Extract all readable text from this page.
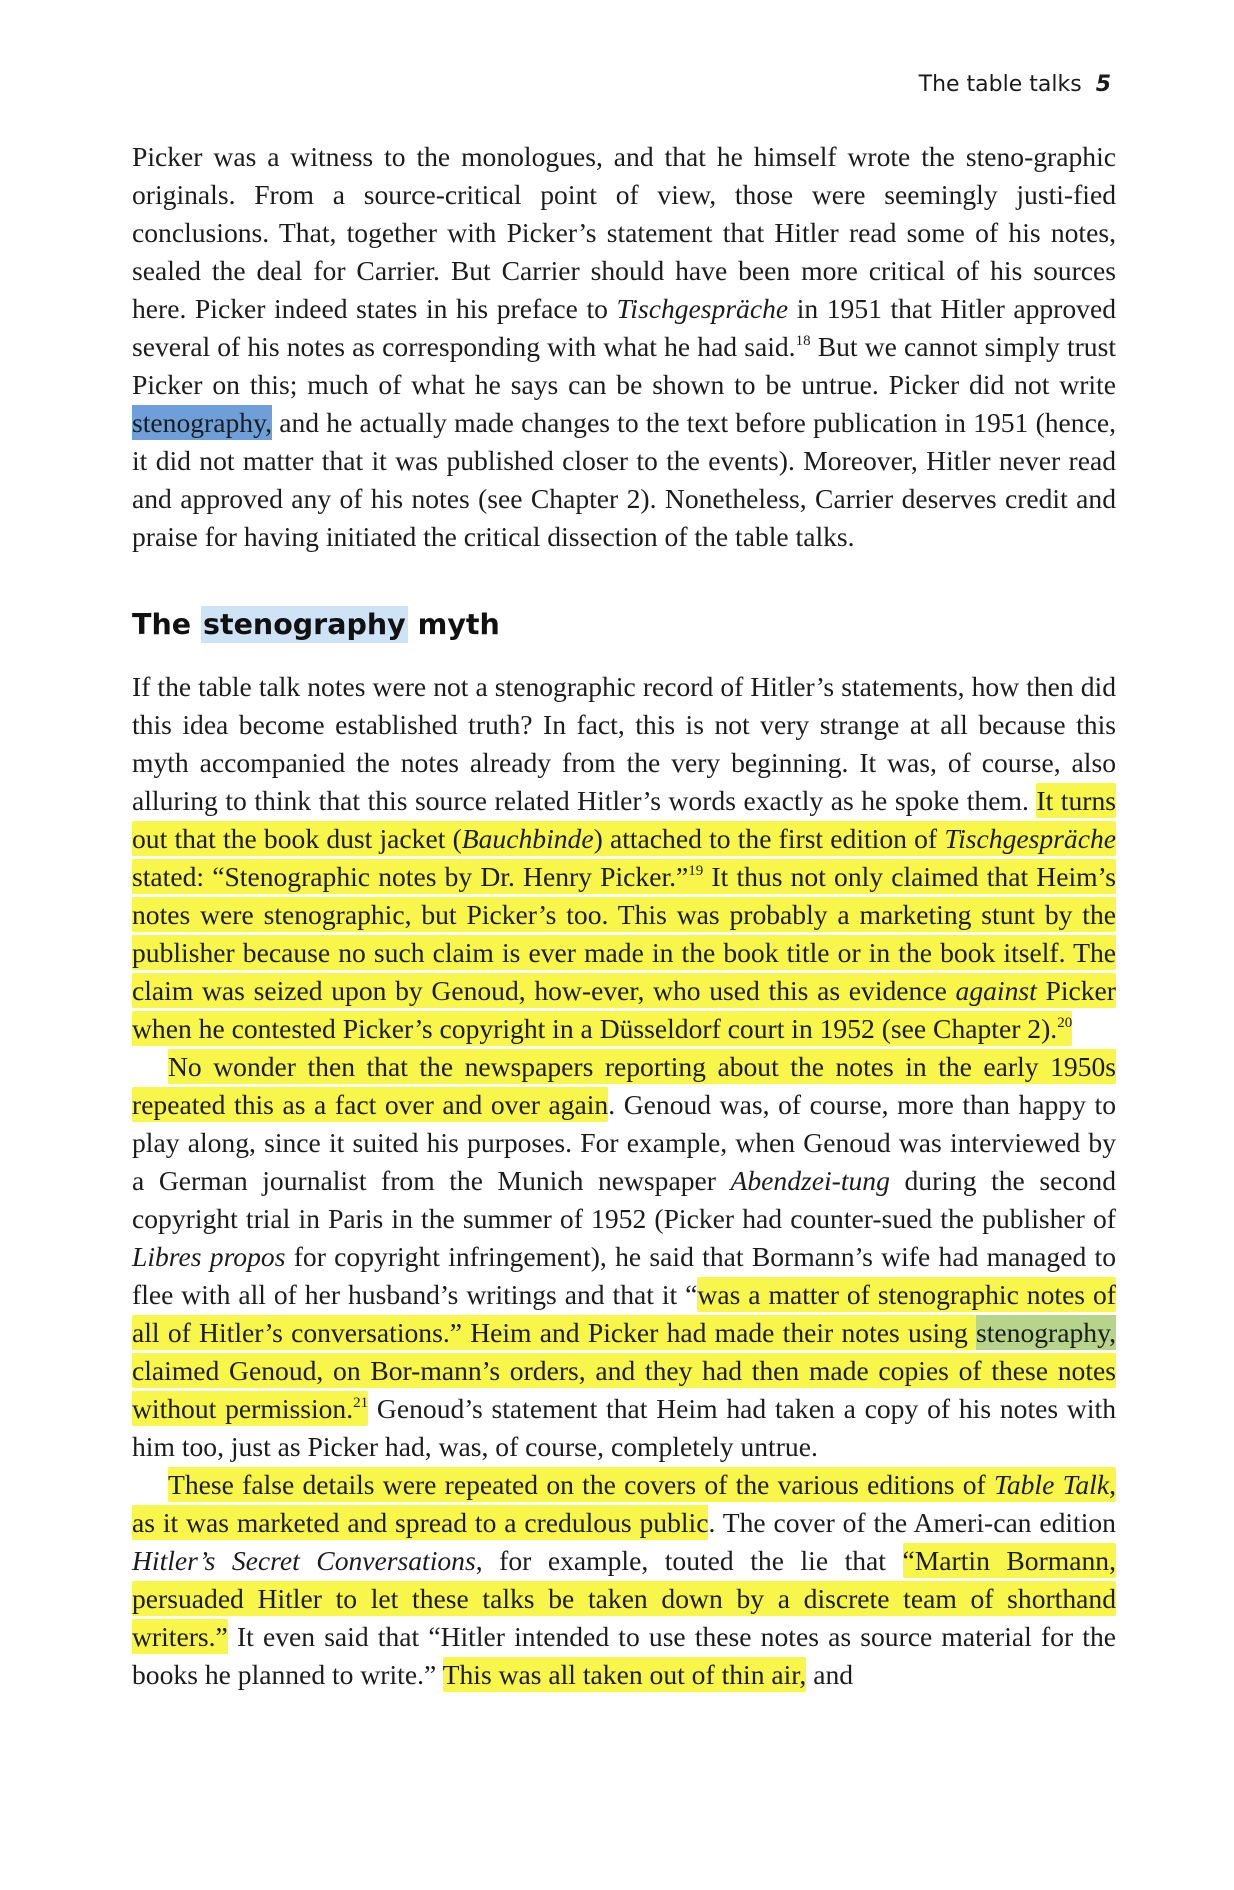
The table talks 5

Picker was a witness to the monologues, and that he himself wrote the steno-graphic originals. From a source-critical point of view, those were seemingly justi-fied conclusions. That, together with Picker’s statement that Hitler read some of his notes, sealed the deal for Carrier. But Carrier should have been more critical of his sources here. Picker indeed states in his preface to Tischgespräche in 1951 that Hitler approved several of his notes as corresponding with what he had said.$^{18}$ But we cannot simply trust Picker on this; much of what he says can be shown to be untrue. Picker did not write stenography, and he actually made changes to the text before publication in 1951 (hence, it did not matter that it was published closer to the events). Moreover, Hitler never read and approved any of his notes (see Chapter 2). Nonetheless, Carrier deserves credit and praise for having initiated the critical dissection of the table talks.

The stenography myth

If the table talk notes were not a stenographic record of Hitler’s statements, how then did this idea become established truth? In fact, this is not very strange at all because this myth accompanied the notes already from the very beginning. It was, of course, also alluring to think that this source related Hitler’s words exactly as he spoke them. It turns out that the book dust jacket (Bauchbinde) attached to the first edition of Tischgespräche stated: “Stenographic notes by Dr. Henry Picker.”$^{19}$ It thus not only claimed that Heim’s notes were stenographic, but Picker’s too. This was probably a marketing stunt by the publisher because no such claim is ever made in the book title or in the book itself. The claim was seized upon by Genoud, how-ever, who used this as evidence against Picker when he contested Picker’s copyright in a Düsseldorf court in 1952 (see Chapter 2).$^{20}$

No wonder then that the newspapers reporting about the notes in the early 1950s repeated this as a fact over and over again. Genoud was, of course, more than happy to play along, since it suited his purposes. For example, when Genoud was interviewed by a German journalist from the Munich newspaper Abendzei-tung during the second copyright trial in Paris in the summer of 1952 (Picker had counter-sued the publisher of Libres propos for copyright infringement), he said that Bormann’s wife had managed to flee with all of her husband’s writings and that it “was a matter of stenographic notes of all of Hitler’s conversations.” Heim and Picker had made their notes using stenography, claimed Genoud, on Bor-mann’s orders, and they had then made copies of these notes without permission.$^{21}$ Genoud’s statement that Heim had taken a copy of his notes with him too, just as Picker had, was, of course, completely untrue.

These false details were repeated on the covers of the various editions of Table Talk, as it was marketed and spread to a credulous public. The cover of the Ameri-can edition Hitler’s Secret Conversations, for example, touted the lie that “Martin Bormann, persuaded Hitler to let these talks be taken down by a discrete team of shorthand writers.” It even said that “Hitler intended to use these notes as source material for the books he planned to write.” This was all taken out of thin air, and
